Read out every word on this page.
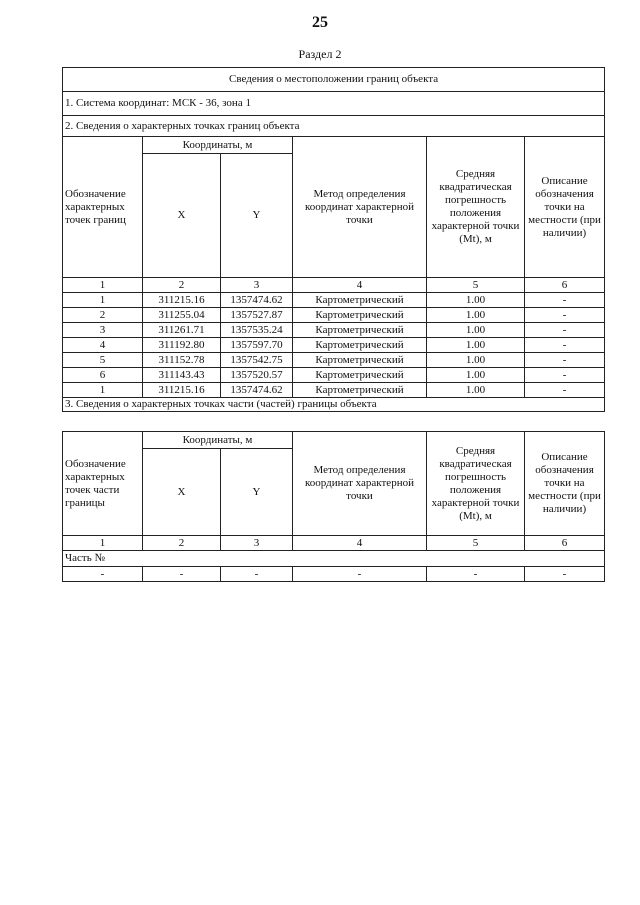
25
Раздел 2
Сведения о местоположении границ объекта					
1. Система координат: МСК - 36, зона 1					
2. Сведения о характерных точках границ объекта					
Обозначение характерных точек границ	Координаты, м		Метод определения координат характерной точки	Средняя квадратическая погрешность положения характерной точки (Mt), м	Описание обозначения точки на местности (при наличии)
	X	Y			
1	2	3	4	5	6
1	311215.16	1357474.62	Картометрический	1.00	-
2	311255.04	1357527.87	Картометрический	1.00	-
3	311261.71	1357535.24	Картометрический	1.00	-
4	311192.80	1357597.70	Картометрический	1.00	-
5	311152.78	1357542.75	Картометрический	1.00	-
6	311143.43	1357520.57	Картометрический	1.00	-
1	311215.16	1357474.62	Картометрический	1.00	-
3. Сведения о характерных точках части (частей) границы объекта					
Обозначение характерных точек части границы	Координаты, м		Метод определения координат характерной точки	Средняя квадратическая погрешность положения характерной точки (Mt), м	Описание обозначения точки на местности (при наличии)
	X	Y			
1	2	3	4	5	6
Часть №					
-	-	-	-	-	-
